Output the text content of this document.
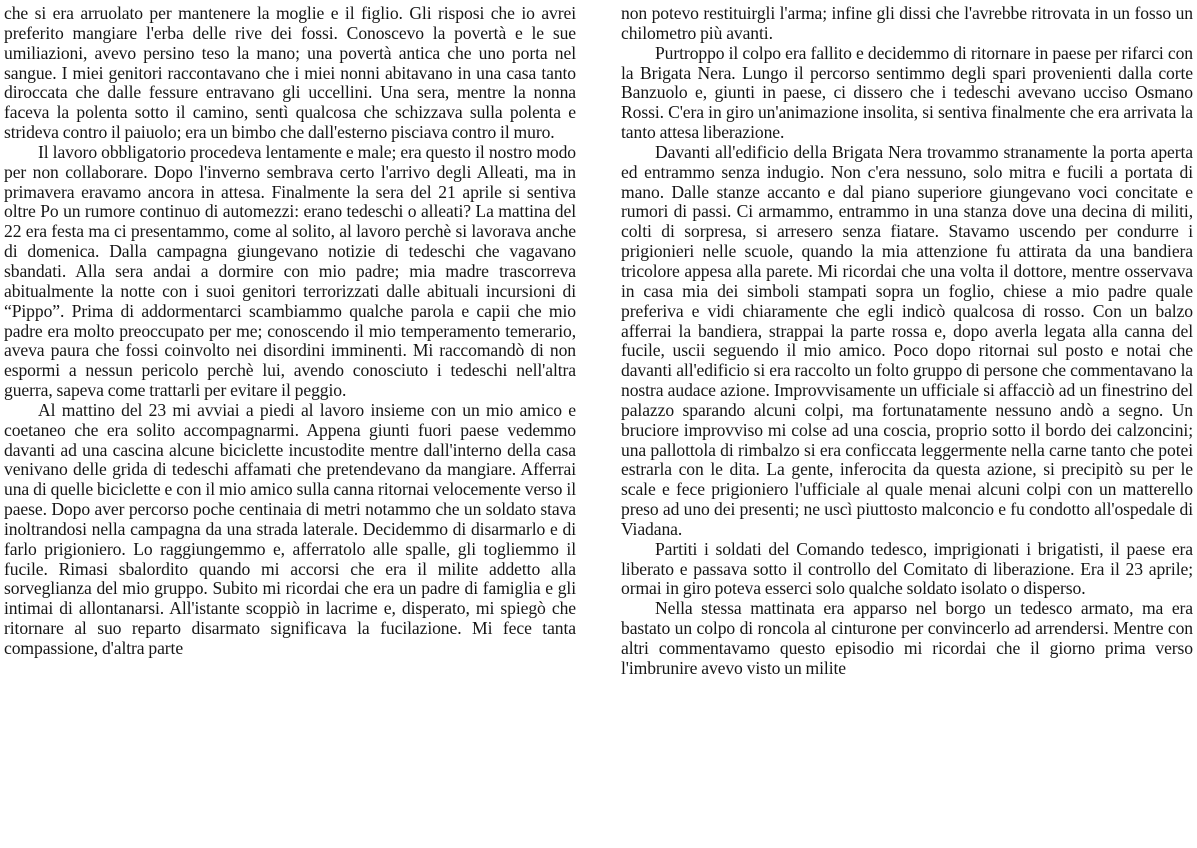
che si era arruolato per mantenere la moglie e il figlio. Gli risposi che io avrei preferito mangiare l'erba delle rive dei fossi. Conoscevo la povertà e le sue umiliazioni, avevo persino teso la mano; una povertà antica che uno porta nel sangue. I miei genitori raccontavano che i miei nonni abitavano in una casa tanto diroccata che dalle fessure entravano gli uccellini. Una sera, mentre la nonna faceva la polenta sotto il camino, sentì qualcosa che schizzava sulla polenta e strideva contro il paiuolo; era un bimbo che dall'esterno pisciava contro il muro.

Il lavoro obbligatorio procedeva lentamente e male; era questo il nostro modo per non collaborare. Dopo l'inverno sembrava certo l'arrivo degli Alleati, ma in primavera eravamo ancora in attesa. Finalmente la sera del 21 aprile si sentiva oltre Po un rumore continuo di automezzi: erano tedeschi o alleati? La mattina del 22 era festa ma ci presentammo, come al solito, al lavoro perchè si lavorava anche di domenica. Dalla campagna giungevano notizie di tedeschi che vagavano sbandati. Alla sera andai a dormire con mio padre; mia madre trascorreva abitualmente la notte con i suoi genitori terrorizzati dalle abituali incursioni di “Pippo”. Prima di addormentarci scambiammo qualche parola e capii che mio padre era molto preoccupato per me; conoscendo il mio temperamento temerario, aveva paura che fossi coinvolto nei disordini imminenti. Mi raccomandò di non espormi a nessun pericolo perchè lui, avendo conosciuto i tedeschi nell'altra guerra, sapeva come trattarli per evitare il peggio.

Al mattino del 23 mi avviai a piedi al lavoro insieme con un mio amico e coetaneo che era solito accompagnarmi. Appena giunti fuori paese vedemmo davanti ad una cascina alcune biciclette incustodite mentre dall'interno della casa venivano delle grida di tedeschi affamati che pretendevano da mangiare. Afferrai una di quelle biciclette e con il mio amico sulla canna ritornai velocemente verso il paese. Dopo aver percorso poche centinaia di metri notammo che un soldato stava inoltrandosi nella campagna da una strada laterale. Decidemmo di disarmarlo e di farlo prigioniero. Lo raggiungemmo e, afferratolo alle spalle, gli togliemmo il fucile. Rimasi sbalordito quando mi accorsi che era il milite addetto alla sorveglianza del mio gruppo. Subito mi ricordai che era un padre di famiglia e gli intimai di allontanarsi. All'istante scoppiò in lacrime e, disperato, mi spiegò che ritornare al suo reparto disarmato significava la fucilazione. Mi fece tanta compassione, d'altra parte

non potevo restituirgli l'arma; infine gli dissi che l'avrebbe ritrovata in un fosso un chilometro più avanti.

Purtroppo il colpo era fallito e decidemmo di ritornare in paese per rifarci con la Brigata Nera. Lungo il percorso sentimmo degli spari provenienti dalla corte Banzuolo e, giunti in paese, ci dissero che i tedeschi avevano ucciso Osmano Rossi. C'era in giro un'animazione insolita, si sentiva finalmente che era arrivata la tanto attesa liberazione.

Davanti all'edificio della Brigata Nera trovammo stranamente la porta aperta ed entrammo senza indugio. Non c'era nessuno, solo mitra e fucili a portata di mano. Dalle stanze accanto e dal piano superiore giungevano voci concitate e rumori di passi. Ci armammo, entrammo in una stanza dove una decina di militi, colti di sorpresa, si arresero senza fiatare. Stavamo uscendo per condurre i prigionieri nelle scuole, quando la mia attenzione fu attirata da una bandiera tricolore appesa alla parete. Mi ricordai che una volta il dottore, mentre osservava in casa mia dei simboli stampati sopra un foglio, chiese a mio padre quale preferiva e vidi chiaramente che egli indicò qualcosa di rosso. Con un balzo afferrai la bandiera, strappai la parte rossa e, dopo averla legata alla canna del fucile, uscii seguendo il mio amico. Poco dopo ritornai sul posto e notai che davanti all'edificio si era raccolto un folto gruppo di persone che commentavano la nostra audace azione. Improvvisamente un ufficiale si affacciò ad un finestrino del palazzo sparando alcuni colpi, ma fortunatamente nessuno andò a segno. Un bruciore improvviso mi colse ad una coscia, proprio sotto il bordo dei calzoncini; una pallottola di rimbalzo si era conficcata leggermente nella carne tanto che potei estrarla con le dita. La gente, inferocita da questa azione, si precipitò su per le scale e fece prigioniero l'ufficiale al quale menai alcuni colpi con un matterello preso ad uno dei presenti; ne uscì piuttosto malconcio e fu condotto all'ospedale di Viadana.

Partiti i soldati del Comando tedesco, imprigionati i brigatisti, il paese era liberato e passava sotto il controllo del Comitato di liberazione. Era il 23 aprile; ormai in giro poteva esserci solo qualche soldato isolato o disperso.

Nella stessa mattinata era apparso nel borgo un tedesco armato, ma era bastato un colpo di roncola al cinturone per convincerlo ad arrendersi. Mentre con altri commentavamo questo episodio mi ricordai che il giorno prima verso l'imbrunire avevo visto un milite
